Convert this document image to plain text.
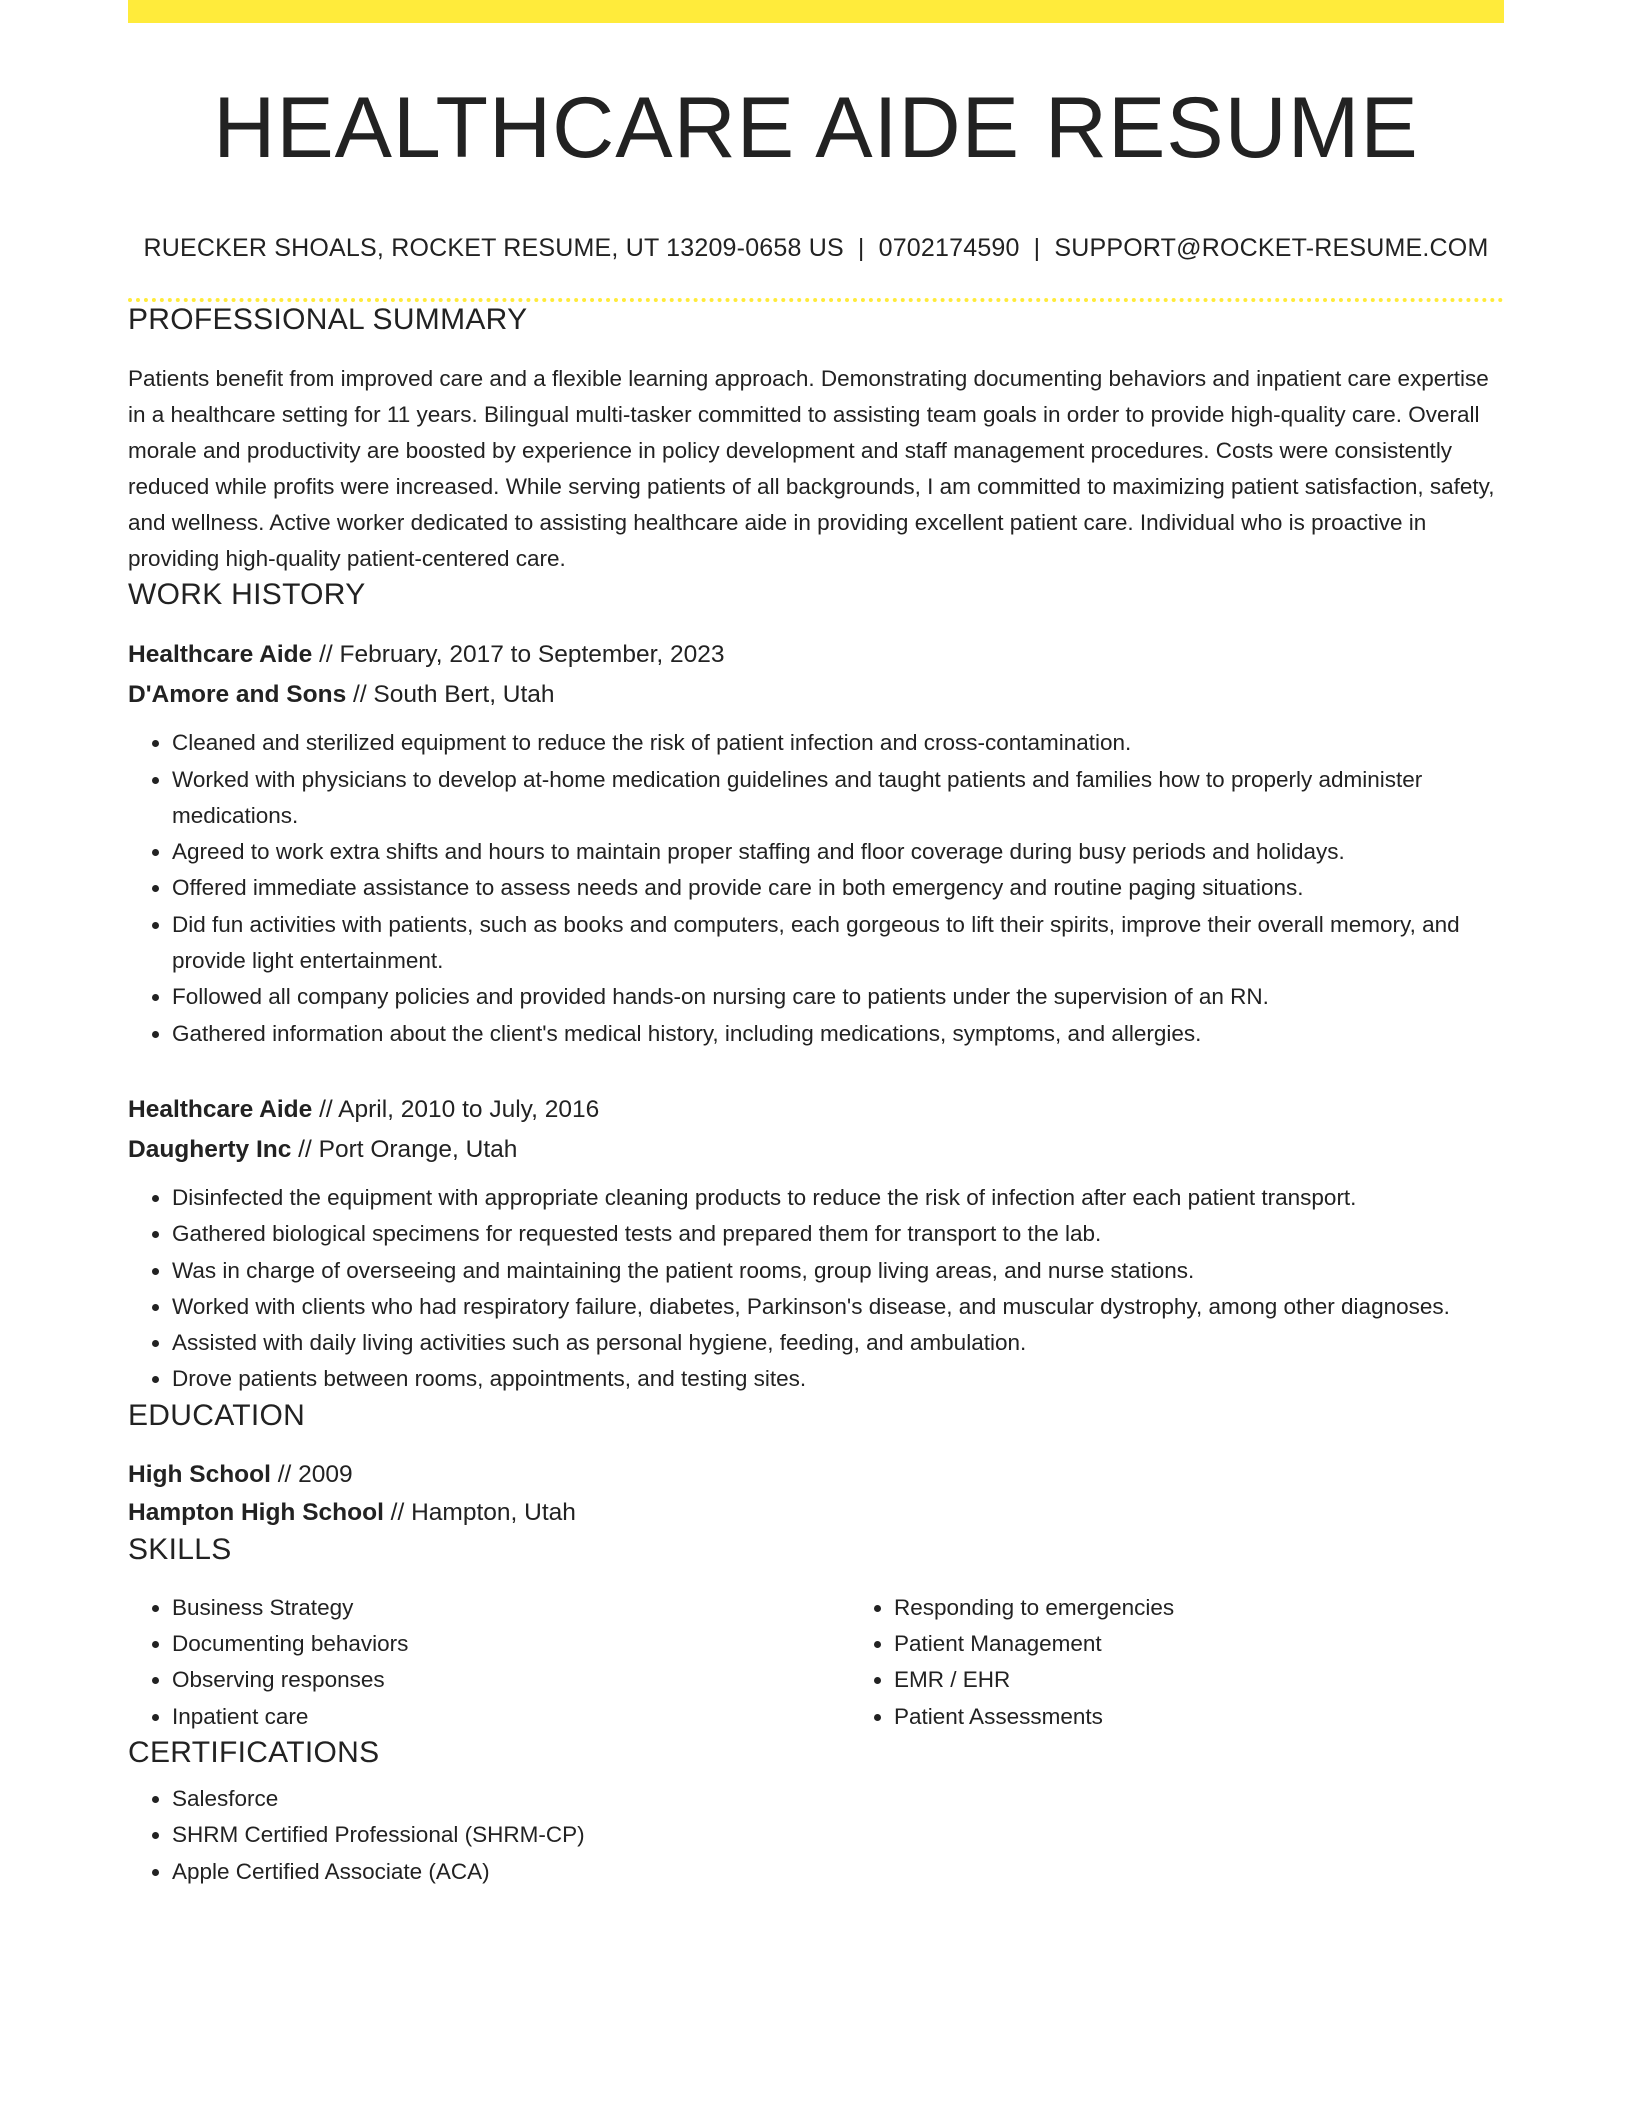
HEALTHCARE AIDE RESUME
RUECKER SHOALS, ROCKET RESUME, UT 13209-0658 US | 0702174590 | SUPPORT@ROCKET-RESUME.COM
PROFESSIONAL SUMMARY

Patients benefit from improved care and a flexible learning approach. Demonstrating documenting behaviors and inpatient care expertise in a healthcare setting for 11 years. Bilingual multi-tasker committed to assisting team goals in order to provide high-quality care. Overall morale and productivity are boosted by experience in policy development and staff management procedures. Costs were consistently reduced while profits were increased. While serving patients of all backgrounds, I am committed to maximizing patient satisfaction, safety, and wellness. Active worker dedicated to assisting healthcare aide in providing excellent patient care. Individual who is proactive in providing high-quality patient-centered care.

WORK HISTORY
Healthcare Aide // February, 2017 to September, 2023
D'Amore and Sons // South Bert, Utah
• Cleaned and sterilized equipment to reduce the risk of patient infection and cross-contamination.
• Worked with physicians to develop at-home medication guidelines and taught patients and families how to properly administer medications.
• Agreed to work extra shifts and hours to maintain proper staffing and floor coverage during busy periods and holidays.
• Offered immediate assistance to assess needs and provide care in both emergency and routine paging situations.
• Did fun activities with patients, such as books and computers, each gorgeous to lift their spirits, improve their overall memory, and provide light entertainment.
• Followed all company policies and provided hands-on nursing care to patients under the supervision of an RN.
• Gathered information about the client's medical history, including medications, symptoms, and allergies.
Healthcare Aide // April, 2010 to July, 2016
Daugherty Inc // Port Orange, Utah
• Disinfected the equipment with appropriate cleaning products to reduce the risk of infection after each patient transport.
• Gathered biological specimens for requested tests and prepared them for transport to the lab.
• Was in charge of overseeing and maintaining the patient rooms, group living areas, and nurse stations.
• Worked with clients who had respiratory failure, diabetes, Parkinson's disease, and muscular dystrophy, among other diagnoses.
• Assisted with daily living activities such as personal hygiene, feeding, and ambulation.
• Drove patients between rooms, appointments, and testing sites.
EDUCATION
High School // 2009
Hampton High School // Hampton, Utah
SKILLS
• Business Strategy
• Documenting behaviors
• Observing responses
• Inpatient care
• Responding to emergencies
• Patient Management
• EMR / EHR
• Patient Assessments
CERTIFICATIONS
• Salesforce
• SHRM Certified Professional (SHRM-CP)
• Apple Certified Associate (ACA)
